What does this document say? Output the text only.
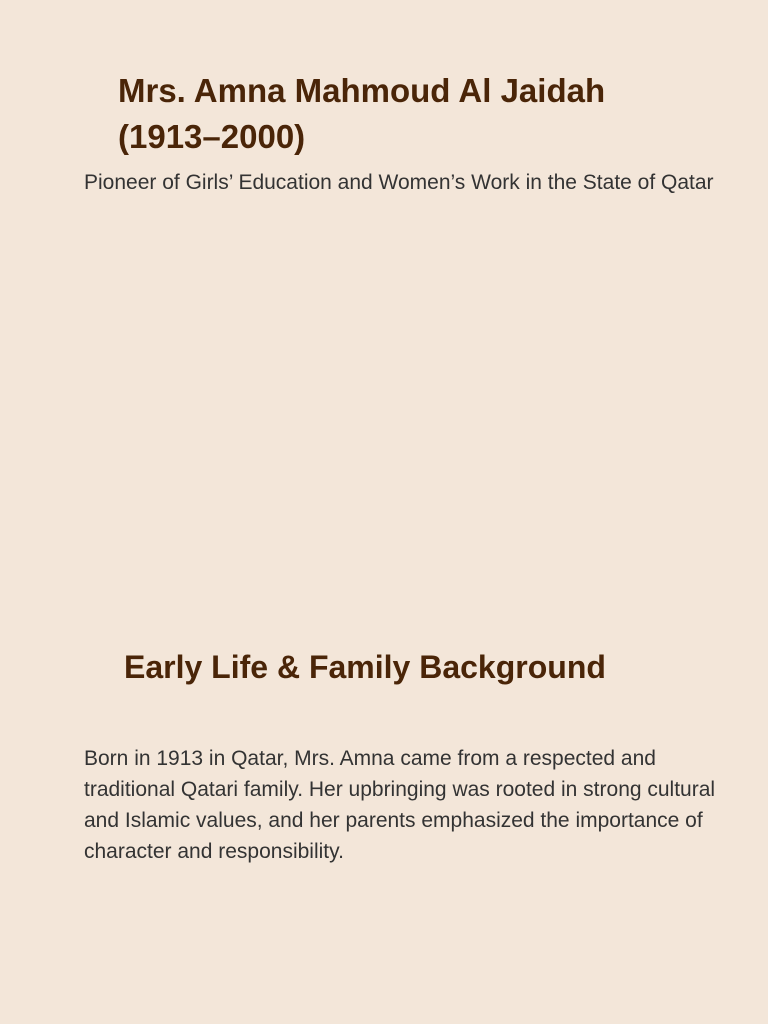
Mrs. Amna Mahmoud Al Jaidah (1913–2000)

Pioneer of Girls’ Education and Women’s Work in the State of Qatar

Early Life & Family Background

Born in 1913 in Qatar, Mrs. Amna came from a respected and traditional Qatari family. Her upbringing was rooted in strong cultural and Islamic values, and her parents emphasized the importance of character and responsibility.
